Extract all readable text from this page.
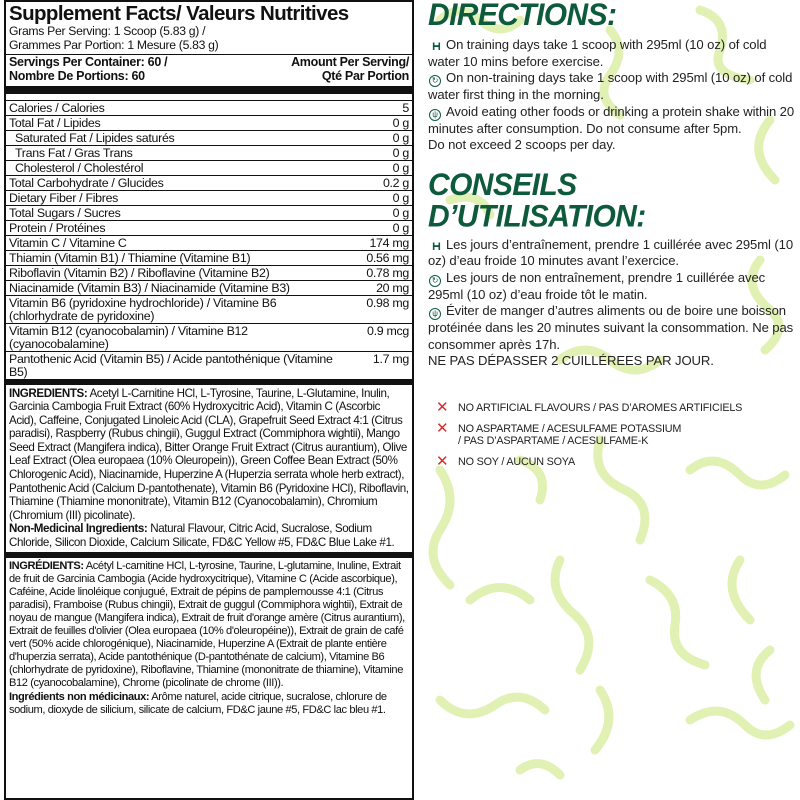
Supplement Facts/ Valeurs Nutritives
Grams Per Serving: 1 Scoop (5.83 g) /
Grammes Par Portion: 1 Mesure (5.83 g)
Servings Per Container: 60 /
Nombre De Portions: 60
Amount Per Serving/
Qté Par Portion

Calories / Calories	5
Total Fat / Lipides	0 g
Saturated Fat / Lipides saturés	0 g
Trans Fat / Gras Trans	0 g
Cholesterol / Cholestérol	0 g
Total Carbohydrate / Glucides	0.2 g
Dietary Fiber / Fibres	0 g
Total Sugars / Sucres	0 g
Protein / Protéines	0 g
Vitamin C / Vitamine C	174 mg
Thiamin (Vitamin B1) / Thiamine (Vitamine B1)	0.56 mg
Riboflavin (Vitamin B2) / Riboflavine (Vitamine B2)	0.78 mg
Niacinamide (Vitamin B3) / Niacinamide (Vitamine B3)	20 mg
Vitamin B6 (pyridoxine hydrochloride) / Vitamine B6 (chlorhydrate de pyridoxine)	0.98 mg
Vitamin B12 (cyanocobalamin) / Vitamine B12 (cyanocobalamine)	0.9 mcg
Pantothenic Acid (Vitamin B5) / Acide pantothénique (Vitamine B5)	1.7 mg

INGREDIENTS: Acetyl L-Carnitine HCl, L-Tyrosine, Taurine, L-Glutamine, Inulin, Garcinia Cambogia Fruit Extract (60% Hydroxycitric Acid), Vitamin C (Ascorbic Acid), Caffeine, Conjugated Linoleic Acid (CLA), Grapefruit Seed Extract 4:1 (Citrus paradisi), Raspberry (Rubus chingii), Guggul Extract (Commiphora wightii), Mango Seed Extract (Mangifera indica), Bitter Orange Fruit Extract (Citrus aurantium), Olive Leaf Extract (Olea europaea (10% Oleuropein)), Green Coffee Bean Extract (50% Chlorogenic Acid), Niacinamide, Huperzine A (Huperzia serrata whole herb extract), Pantothenic Acid (Calcium D-pantothenate), Vitamin B6 (Pyridoxine HCl), Riboflavin, Thiamine (Thiamine mononitrate), Vitamin B12 (Cyanocobalamin), Chromium (Chromium (III) picolinate).

Non-Medicinal Ingredients: Natural Flavour, Citric Acid, Sucralose, Sodium Chloride, Silicon Dioxide, Calcium Silicate, FD&C Yellow #5, FD&C Blue Lake #1.

INGRÉDIENTS: Acétyl L-carnitine HCl, L-tyrosine, Taurine, L-glutamine, Inuline, Extrait de fruit de Garcinia Cambogia (Acide hydroxycitrique), Vitamine C (Acide ascorbique), Caféine, Acide linoléique conjugué, Extrait de pépins de pamplemousse 4:1 (Citrus paradisi), Framboise (Rubus chingii), Extrait de guggul (Commiphora wightii), Extrait de noyau de mangue (Mangifera indica), Extrait de fruit d'orange amère (Citrus aurantium), Extrait de feuilles d'olivier (Olea europaea (10% d'oleuropéine)), Extrait de grain de café vert (50% acide chlorogénique), Niacinamide, Huperzine A (Extrait de plante entière d'huperzia serrata), Acide pantothénique (D-pantothénate de calcium), Vitamine B6 (chlorhydrate de pyridoxine), Riboflavine, Thiamine (mononitrate de thiamine), Vitamine B12 (cyanocobalamine), Chrome (picolinate de chrome (III)).

Ingrédients non médicinaux: Arôme naturel, acide citrique, sucralose, chlorure de sodium, dioxyde de silicium, silicate de calcium, FD&C jaune #5, FD&C lac bleu #1.

DIRECTIONS:
I━I On training days take 1 scoop with 295ml (10 oz) of cold water 10 mins before exercise.
↻ On non-training days take 1 scoop with 295ml (10 oz) of cold water first thing in the morning.
ψ Avoid eating other foods or drinking a protein shake within 20 minutes after consumption. Do not consume after 5pm.
Do not exceed 2 scoops per day.
CONSEILS D’UTILISATION:
I━I Les jours d’entraînement, prendre 1 cuillérée avec 295ml (10 oz) d’eau froide 10 minutes avant l’exercice.
↻ Les jours de non entraînement, prendre 1 cuillérée avec 295ml (10 oz) d’eau froide tôt le matin.
ψ Éviter de manger d’autres aliments ou de boire une boisson protéinée dans les 20 minutes suivant la consommation. Ne pas consommer après 17h.
NE PAS DÉPASSER 2 CUILLÉREES PAR JOUR.
✕ NO ARTIFICIAL FLAVOURS / PAS D’AROMES ARTIFICIELS
✕ NO ASPARTAME / ACESULFAME POTASSIUM
/ PAS D’ASPARTAME / ACESULFAME-K
✕ NO SOY / AUCUN SOYA
